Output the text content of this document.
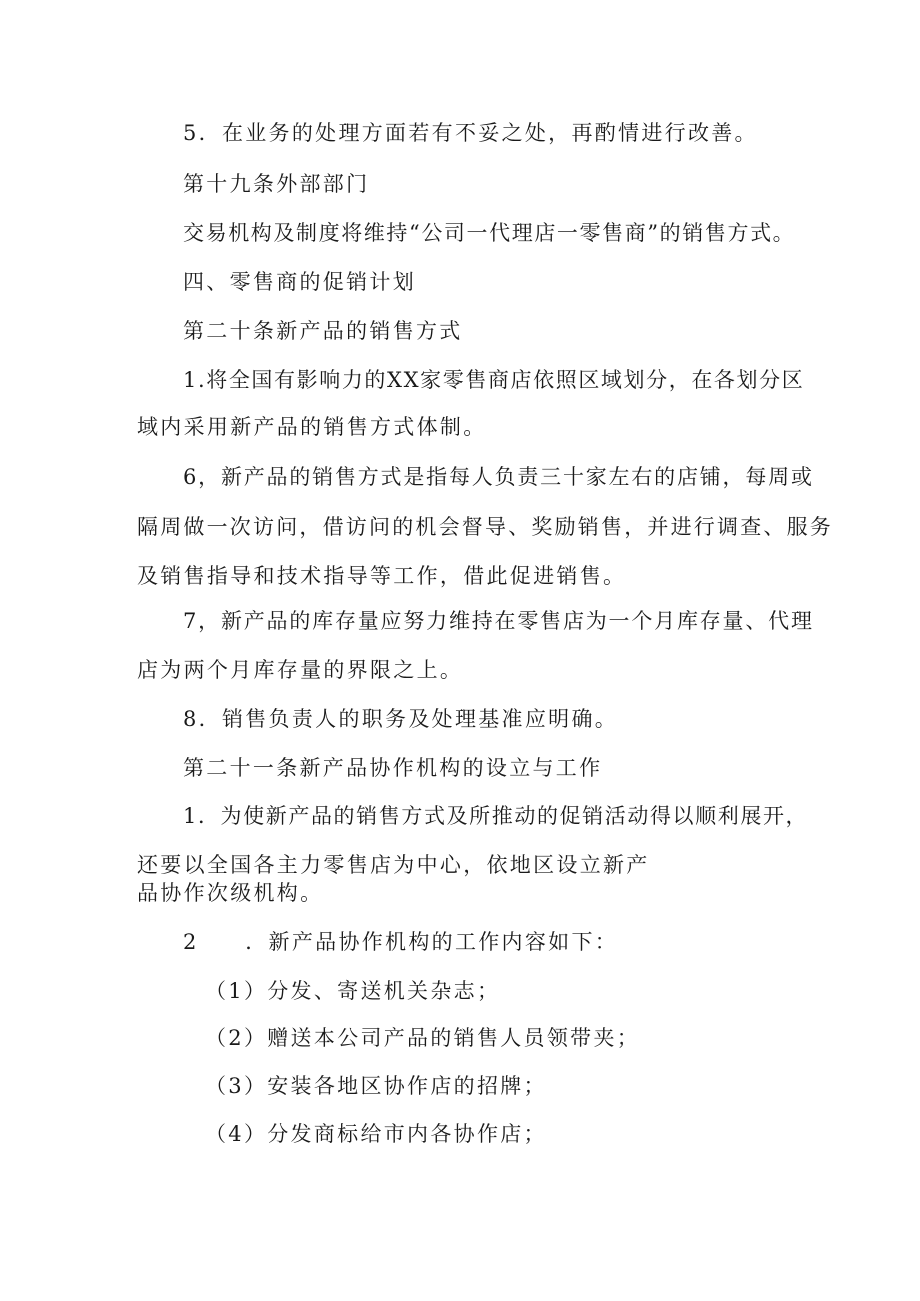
5．在业务的处理方面若有不妥之处，再酌情进行改善。
第十九条外部部门
交易机构及制度将维持“公司一代理店一零售商”的销售方式。
四、零售商的促销计划
第二十条新产品的销售方式
1.将全国有影响力的XX家零售商店依照区域划分，在各划分区
域内采用新产品的销售方式体制。
6，新产品的销售方式是指每人负责三十家左右的店铺，每周或
隔周做一次访问，借访问的机会督导、奖励销售，并进行调查、服务
及销售指导和技术指导等工作，借此促进销售。
7，新产品的库存量应努力维持在零售店为一个月库存量、代理
店为两个月库存量的界限之上。
8．销售负责人的职务及处理基准应明确。
第二十一条新产品协作机构的设立与工作
1．为使新产品的销售方式及所推动的促销活动得以顺利展开，
还要以全国各主力零售店为中心，依地区设立新产
品协作次级机构。
2　　．新产品协作机构的工作内容如下：
（1）分发、寄送机关杂志；
（2）赠送本公司产品的销售人员领带夹；
（3）安装各地区协作店的招牌；
（4）分发商标给市内各协作店；
